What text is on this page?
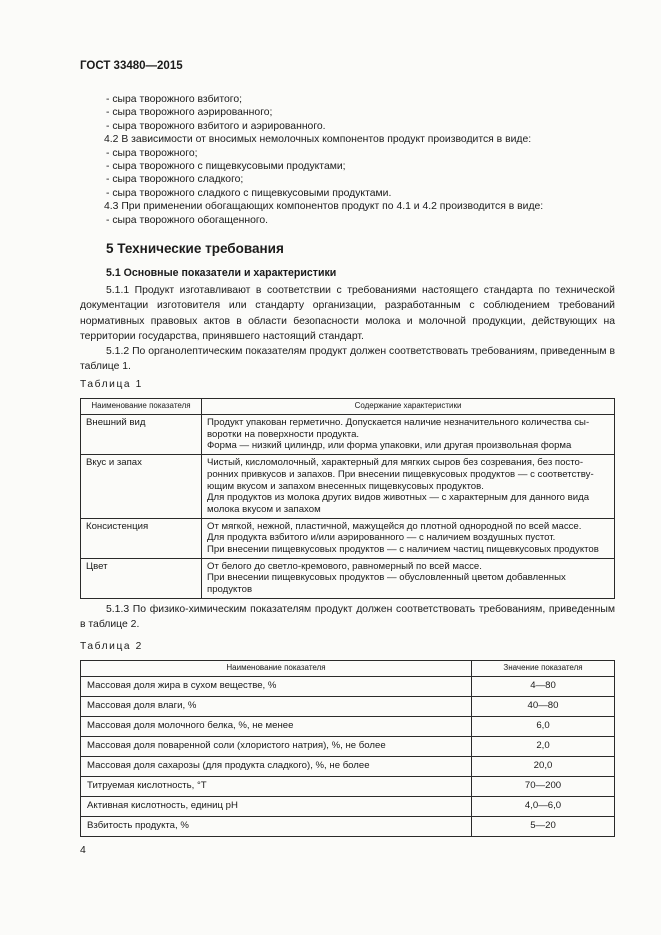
ГОСТ 33480—2015
- сыра творожного взбитого;
- сыра творожного аэрированного;
- сыра творожного взбитого и аэрированного.
4.2 В зависимости от вносимых немолочных компонентов продукт производится в виде:
- сыра творожного;
- сыра творожного с пищевкусовыми продуктами;
- сыра творожного сладкого;
- сыра творожного сладкого с пищевкусовыми продуктами.
4.3 При применении обогащающих компонентов продукт по 4.1 и 4.2 производится в виде:
- сыра творожного обогащенного.
5 Технические требования
5.1 Основные показатели и характеристики
5.1.1 Продукт изготавливают в соответствии с требованиями настоящего стандарта по технической документации изготовителя или стандарту организации, разработанным с соблюдением требований нормативных правовых актов в области безопасности молока и молочной продукции, действующих на территории государства, принявшего настоящий стандарт.
5.1.2 По органолептическим показателям продукт должен соответствовать требованиям, приведенным в таблице 1.
Таблица 1
Наименование показателя	Содержание характеристики
Внешний вид	Продукт упакован герметично. Допускается наличие незначительного количества сыворотки на поверхности продукта.
Форма — низкий цилиндр, или форма упаковки, или другая произвольная форма

Вкус и запах	Чистый, кисломолочный, характерный для мягких сыров без созревания, без посторонних привкусов и запахов. При внесении пищевкусовых продуктов — с соответствующим вкусом и запахом внесенных пищевкусовых продуктов.
Для продуктов из молока других видов животных — с характерным для данного вида молока вкусом и запахом

Консистенция	От мягкой, нежной, пластичной, мажущейся до плотной однородной по всей массе.
Для продукта взбитого и/или аэрированного — с наличием воздушных пустот.
При внесении пищевкусовых продуктов — с наличием частиц пищевкусовых продуктов

Цвет	От белого до светло-кремового, равномерный по всей массе.
При внесении пищевкусовых продуктов — обусловленный цветом добавленных продуктов
5.1.3 По физико-химическим показателям продукт должен соответствовать требованиям, приведенным в таблице 2.
Таблица 2
Наименование показателя	Значение показателя
Массовая доля жира в сухом веществе, %	4—80
Массовая доля влаги, %	40—80
Массовая доля молочного белка, %, не менее	6,0
Массовая доля поваренной соли (хлористого натрия), %, не более	2,0
Массовая доля сахарозы (для продукта сладкого), %, не более	20,0
Титруемая кислотность, °Т	70—200
Активная кислотность, единиц pH	4,0—6,0
Взбитость продукта, %	5—20
4
